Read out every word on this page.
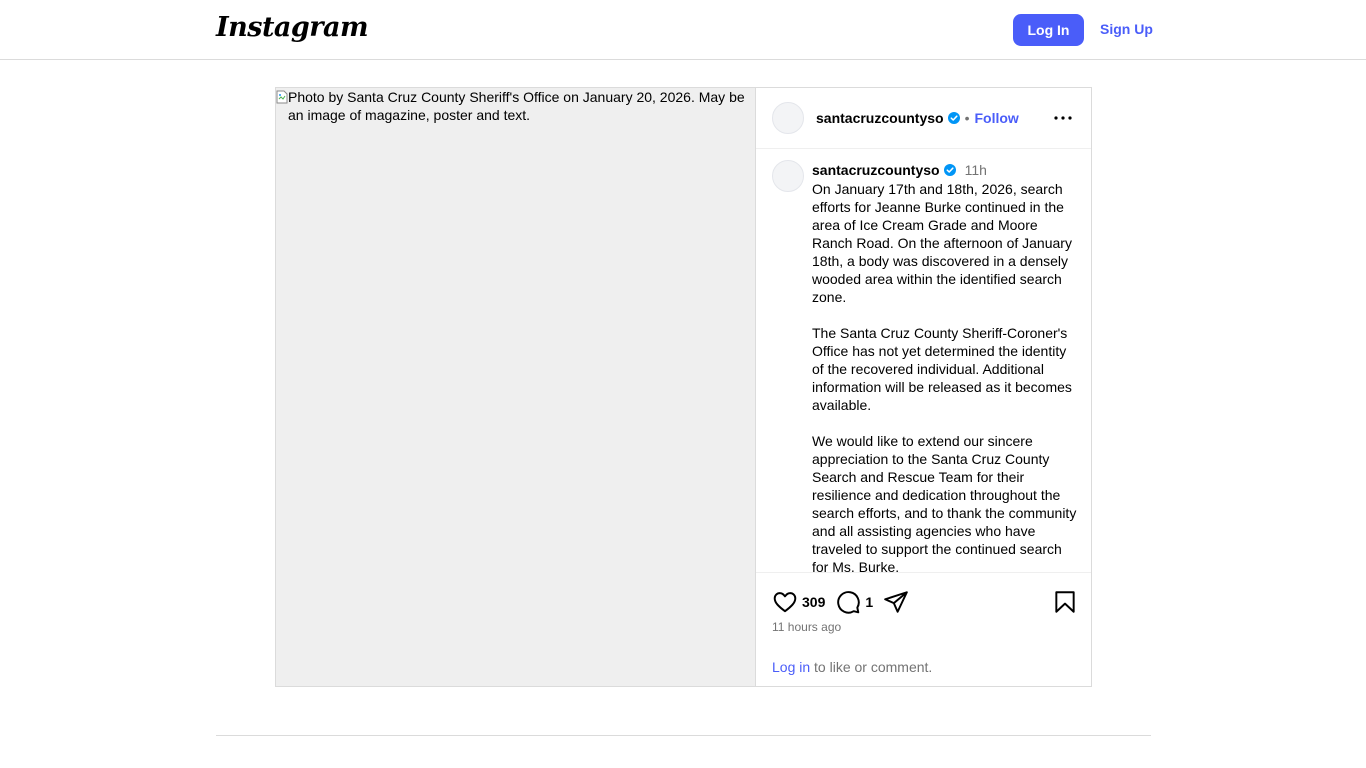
Instagram	Log In	Sign Up
Photo by Santa Cruz County Sheriff's Office on January 20, 2026. May be an image of magazine, poster and text.	santacruzcountyso • Follow
santacruzcountyso 11h
On January 17th and 18th, 2026, search efforts for Jeanne Burke continued in the area of Ice Cream Grade and Moore Ranch Road. On the afternoon of January 18th, a body was discovered in a densely wooded area within the identified search zone.

The Santa Cruz County Sheriff-Coroner's Office has not yet determined the identity of the recovered individual. Additional information will be released as it becomes available.

We would like to extend our sincere appreciation to the Santa Cruz County Search and Rescue Team for their resilience and dedication throughout the search efforts, and to thank the community and all assisting agencies who have traveled to support the continued search for Ms. Burke.
309	1
11 hours ago
Log in to like or comment.
